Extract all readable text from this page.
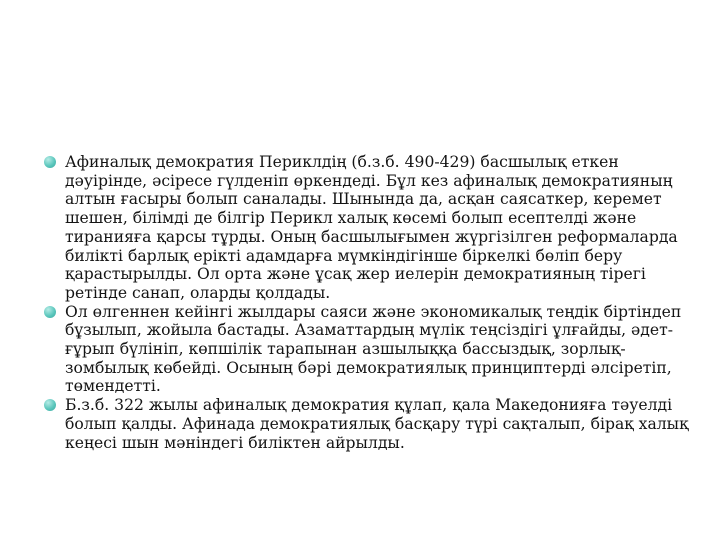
Афиналық демократия Периклдің (б.з.б. 490-429) басшылық еткен дәуірінде, әсіресе гүлденіп өркендеді. Бұл кез афиналық демократияның алтын ғасыры болып саналады. Шынында да, асқан саясаткер, керемет шешен, білімді де білгір Перикл халық көсемі болып есептелді және тиранияға қарсы тұрды. Оның басшылығымен жүргізілген реформаларда билікті барлық ерікті адамдарға мүмкіндігінше біркелкі бөліп беру қарастырылды. Ол орта және ұсақ жер иелерін демократияның тірегі ретінде санап, оларды қолдады.
Ол өлгеннен кейінгі жылдары саяси және экономикалық теңдік біртіндеп бұзылып, жойыла бастады. Азаматтардың мүлік теңсіздігі ұлғайды, әдет-ғұрып бүлініп, көпшілік тарапынан азшылыққа бассыздық, зорлық-зомбылық көбейді. Осының бәрі демократиялық принциптерді әлсіретіп, төмендетті.
Б.з.б. 322 жылы афиналық демократия құлап, қала Македонияға тәуелді болып қалды. Афинада демократиялық басқару түрі сақталып, бірақ халық кеңесі шын мәніндегі биліктен айрылды.
